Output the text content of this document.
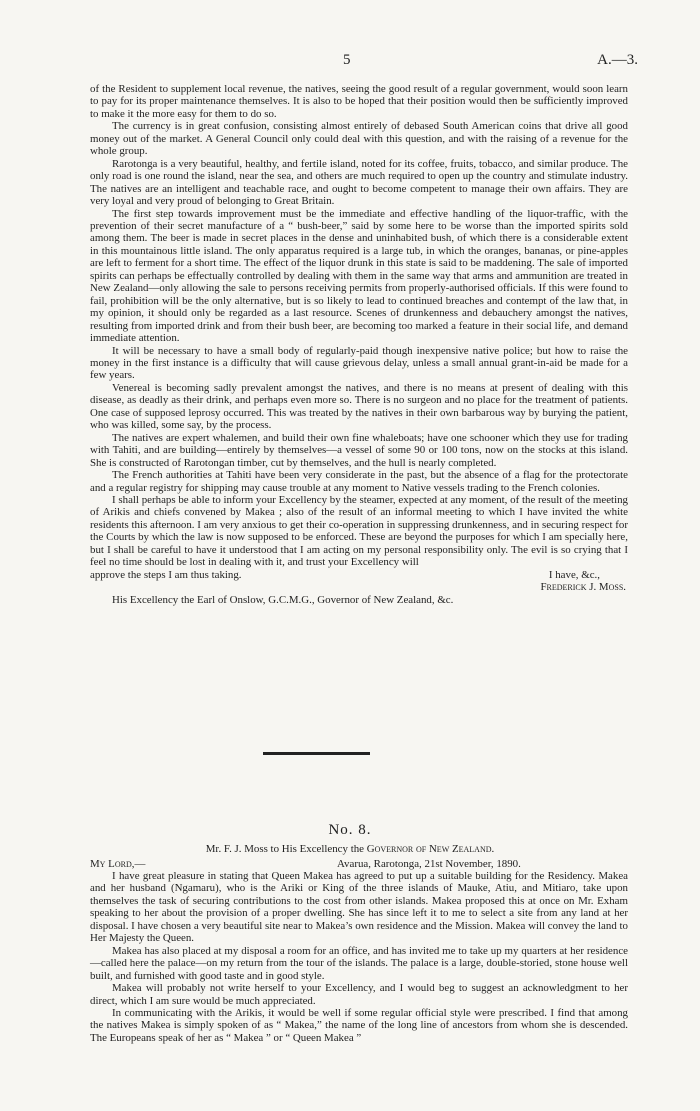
5	A.—3.

of the Resident to supplement local revenue, the natives, seeing the good result of a regular government, would soon learn to pay for its proper maintenance themselves. It is also to be hoped that their position would then be sufficiently improved to make it the more easy for them to do so.

The currency is in great confusion, consisting almost entirely of debased South American coins that drive all good money out of the market. A General Council only could deal with this question, and with the raising of a revenue for the whole group.

Rarotonga is a very beautiful, healthy, and fertile island, noted for its coffee, fruits, tobacco, and similar produce. The only road is one round the island, near the sea, and others are much required to open up the country and stimulate industry. The natives are an intelligent and teachable race, and ought to become competent to manage their own affairs. They are very loyal and very proud of belonging to Great Britain.

The first step towards improvement must be the immediate and effective handling of the liquor-traffic, with the prevention of their secret manufacture of a “ bush-beer,” said by some here to be worse than the imported spirits sold among them. The beer is made in secret places in the dense and uninhabited bush, of which there is a considerable extent in this mountainous little island. The only apparatus required is a large tub, in which the oranges, bananas, or pine-apples are left to ferment for a short time. The effect of the liquor drunk in this state is said to be maddening. The sale of imported spirits can perhaps be effectually controlled by dealing with them in the same way that arms and ammunition are treated in New Zealand—only allowing the sale to persons receiving permits from properly-authorised officials. If this were found to fail, prohibition will be the only alternative, but is so likely to lead to continued breaches and contempt of the law that, in my opinion, it should only be regarded as a last resource. Scenes of drunkenness and debauchery amongst the natives, resulting from imported drink and from their bush beer, are becoming too marked a feature in their social life, and demand immediate attention.

It will be necessary to have a small body of regularly-paid though inexpensive native police; but how to raise the money in the first instance is a difficulty that will cause grievous delay, unless a small annual grant-in-aid be made for a few years.

Venereal is becoming sadly prevalent amongst the natives, and there is no means at present of dealing with this disease, as deadly as their drink, and perhaps even more so. There is no surgeon and no place for the treatment of patients. One case of supposed leprosy occurred. This was treated by the natives in their own barbarous way by burying the patient, who was killed, some say, by the process.

The natives are expert whalemen, and build their own fine whaleboats; have one schooner which they use for trading with Tahiti, and are building—entirely by themselves—a vessel of some 90 or 100 tons, now on the stocks at this island. She is constructed of Rarotongan timber, cut by themselves, and the hull is nearly completed.

The French authorities at Tahiti have been very considerate in the past, but the absence of a flag for the protectorate and a regular registry for shipping may cause trouble at any moment to Native vessels trading to the French colonies.

I shall perhaps be able to inform your Excellency by the steamer, expected at any moment, of the result of the meeting of Arikis and chiefs convened by Makea ; also of the result of an informal meeting to which I have invited the white residents this afternoon. I am very anxious to get their co-operation in suppressing drunkenness, and in securing respect for the Courts by which the law is now supposed to be enforced. These are beyond the purposes for which I am specially here, but I shall be careful to have it understood that I am acting on my personal responsibility only. The evil is so crying that I feel no time should be lost in dealing with it, and trust your Excellency will

approve the steps I am thus taking.	I have, &c.,

Frederick J. Moss.

His Excellency the Earl of Onslow, G.C.M.G., Governor of New Zealand, &c.

No. 8.
Mr. F. J. Moss to His Excellency the Governor of New Zealand.
My Lord,—	Avarua, Rarotonga, 21st November, 1890.

I have great pleasure in stating that Queen Makea has agreed to put up a suitable building for the Residency. Makea and her husband (Ngamaru), who is the Ariki or King of the three islands of Mauke, Atiu, and Mitiaro, take upon themselves the task of securing contributions to the cost from other islands. Makea proposed this at once on Mr. Exham speaking to her about the provision of a proper dwelling. She has since left it to me to select a site from any land at her disposal. I have chosen a very beautiful site near to Makea’s own residence and the Mission. Makea will convey the land to Her Majesty the Queen.

Makea has also placed at my disposal a room for an office, and has invited me to take up my quarters at her residence—called here the palace—on my return from the tour of the islands. The palace is a large, double-storied, stone house well built, and furnished with good taste and in good style.

Makea will probably not write herself to your Excellency, and I would beg to suggest an acknowledgment to her direct, which I am sure would be much appreciated.

In communicating with the Arikis, it would be well if some regular official style were prescribed. I find that among the natives Makea is simply spoken of as “ Makea,” the name of the long line of ancestors from whom she is descended. The Europeans speak of her as “ Makea ” or “ Queen Makea ”
